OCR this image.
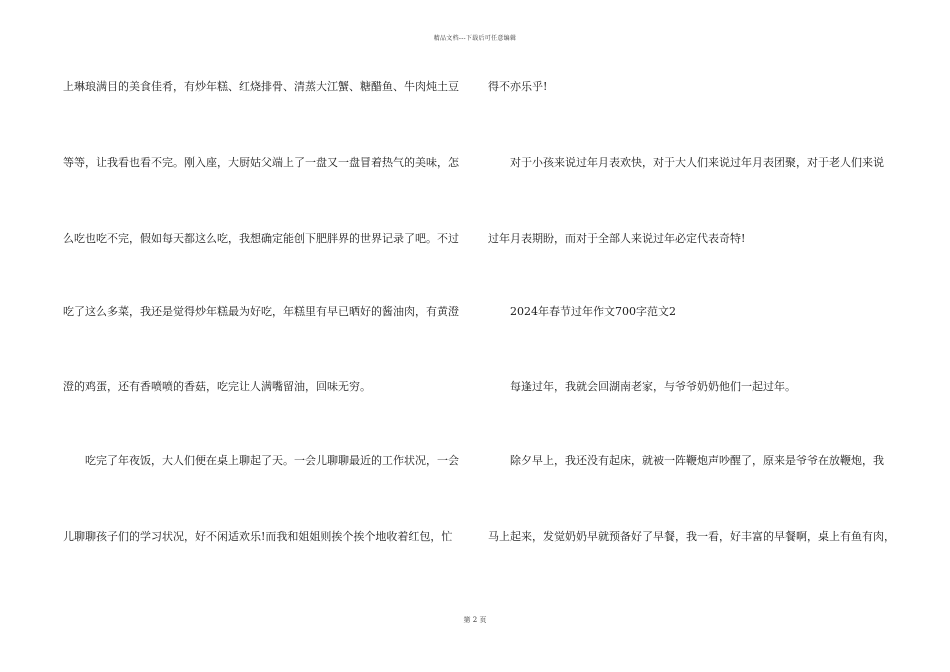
精品文档---下载后可任意编辑
上琳琅满目的美食佳肴，有炒年糕、红烧排骨、清蒸大江蟹、糖醋鱼、牛肉炖土豆
等等，让我看也看不完。刚入座，大厨姑父端上了一盘又一盘冒着热气的美味，怎
么吃也吃不完，假如每天都这么吃，我想确定能创下肥胖界的世界记录了吧。不过
吃了这么多菜，我还是觉得炒年糕最为好吃，年糕里有早已晒好的酱油肉，有黄澄
澄的鸡蛋，还有香喷喷的香菇，吃完让人满嘴留油，回味无穷。
吃完了年夜饭，大人们便在桌上聊起了天。一会儿聊聊最近的工作状况，一会
儿聊聊孩子们的学习状况，好不闲适欢乐!而我和姐姐则挨个挨个地收着红包，忙
得不亦乐乎!
对于小孩来说过年月表欢快，对于大人们来说过年月表团聚，对于老人们来说
过年月表期盼，而对于全部人来说过年必定代表奇特!
2024年春节过年作文700字范文2
每逢过年，我就会回湖南老家，与爷爷奶奶他们一起过年。
除夕早上，我还没有起床，就被一阵鞭炮声吵醒了，原来是爷爷在放鞭炮，我
马上起来，发觉奶奶早就预备好了早餐，我一看，好丰富的早餐啊，桌上有鱼有肉，
第 2 页
